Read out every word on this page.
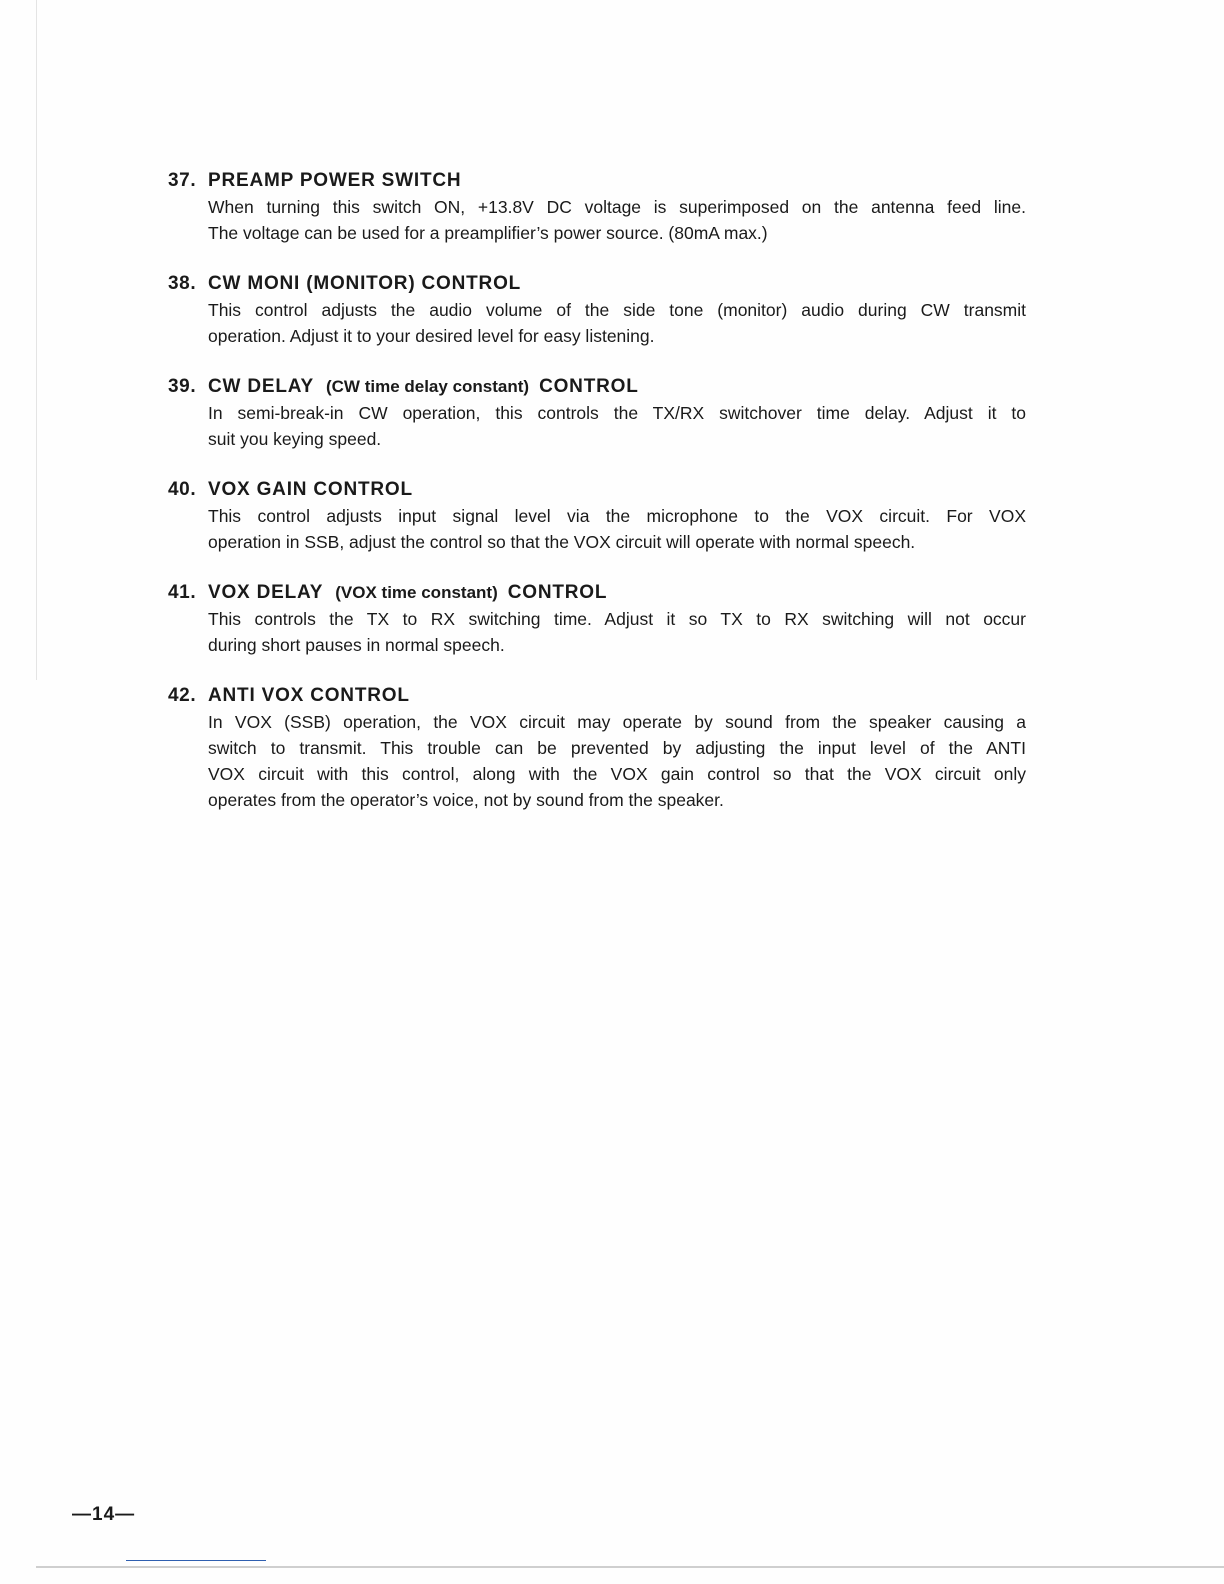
37. PREAMP POWER SWITCH

When turning this switch ON, +13.8V DC voltage is superimposed on the antenna feed line.

The voltage can be used for a preamplifier’s power source. (80mA max.)

38. CW MONI (MONITOR) CONTROL

This control adjusts the audio volume of the side tone (monitor) audio during CW transmit

operation. Adjust it to your desired level for easy listening.

39. CW DELAY (CW time delay constant) CONTROL

In semi-break-in CW operation, this controls the TX/RX switchover time delay. Adjust it to

suit you keying speed.

40. VOX GAIN CONTROL

This control adjusts input signal level via the microphone to the VOX circuit. For VOX

operation in SSB, adjust the control so that the VOX circuit will operate with normal speech.

41. VOX DELAY (VOX time constant) CONTROL

This controls the TX to RX switching time. Adjust it so TX to RX switching will not occur

during short pauses in normal speech.

42. ANTI VOX CONTROL

In VOX (SSB) operation, the VOX circuit may operate by sound from the speaker causing a

switch to transmit. This trouble can be prevented by adjusting the input level of the ANTI

VOX circuit with this control, along with the VOX gain control so that the VOX circuit only

operates from the operator’s voice, not by sound from the speaker.

—14—
